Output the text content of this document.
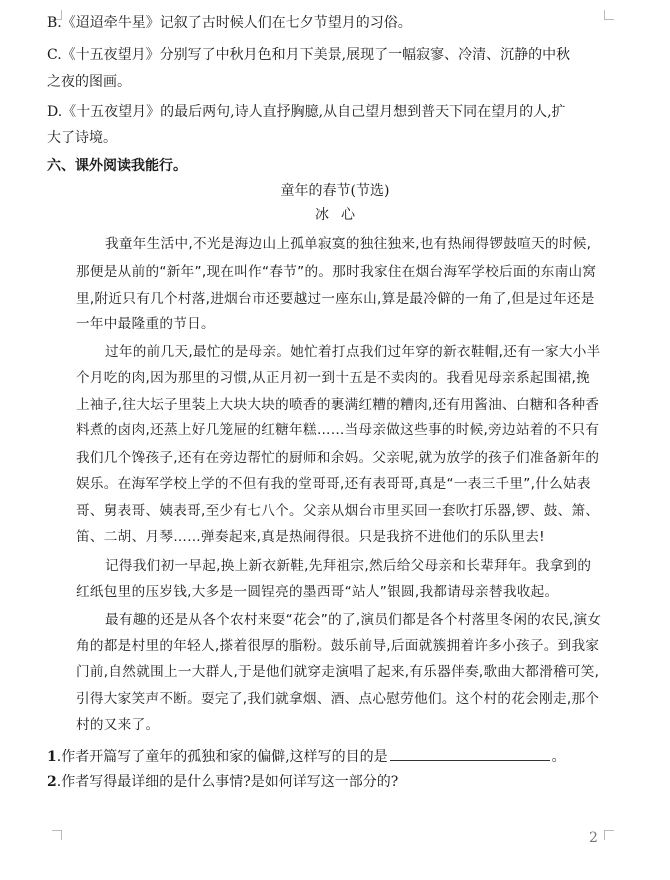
B.《迢迢牵牛星》记叙了古时候人们在七夕节望月的习俗。
C.《十五夜望月》分别写了中秋月色和月下美景,展现了一幅寂寥、冷清、沉静的中秋
之夜的图画。
D.《十五夜望月》的最后两句,诗人直抒胸臆,从自己望月想到普天下同在望月的人,扩
大了诗境。
六、课外阅读我能行。
童年的春节(节选)
冰心
我童年生活中,不光是海边山上孤单寂寞的独往独来,也有热闹得锣鼓喧天的时候,
那便是从前的“新年”,现在叫作“春节”的。那时我家住在烟台海军学校后面的东南山窝
里,附近只有几个村落,进烟台市还要越过一座东山,算是最冷僻的一角了,但是过年还是
一年中最隆重的节日。
过年的前几天,最忙的是母亲。她忙着打点我们过年穿的新衣鞋帽,还有一家大小半
个月吃的肉,因为那里的习惯,从正月初一到十五是不卖肉的。我看见母亲系起围裙,挽
上袖子,往大坛子里装上大块大块的喷香的裹满红糟的糟肉,还有用酱油、白糖和各种香
料煮的卤肉,还蒸上好几笼屉的红糖年糕……当母亲做这些事的时候,旁边站着的不只有
我们几个馋孩子,还有在旁边帮忙的厨师和余妈。父亲呢,就为放学的孩子们准备新年的
娱乐。在海军学校上学的不但有我的堂哥哥,还有表哥哥,真是“一表三千里”,什么姑表
哥、舅表哥、姨表哥,至少有七八个。父亲从烟台市里买回一套吹打乐器,锣、鼓、箫、
笛、二胡、月琴……弹奏起来,真是热闹得很。只是我挤不进他们的乐队里去!
记得我们初一早起,换上新衣新鞋,先拜祖宗,然后给父母亲和长辈拜年。我拿到的
红纸包里的压岁钱,大多是一圆锃亮的墨西哥“站人”银圆,我都请母亲替我收起。
最有趣的还是从各个农村来耍“花会”的了,演员们都是各个村落里冬闲的农民,演女
角的都是村里的年轻人,搽着很厚的脂粉。鼓乐前导,后面就簇拥着许多小孩子。到我家
门前,自然就围上一大群人,于是他们就穿走演唱了起来,有乐器伴奏,歌曲大都滑稽可笑,
引得大家笑声不断。耍完了,我们就拿烟、酒、点心慰劳他们。这个村的花会刚走,那个
村的又来了。
1.作者开篇写了童年的孤独和家的偏僻,这样写的目的是	。
2.作者写得最详细的是什么事情?是如何详写这一部分的?
2
